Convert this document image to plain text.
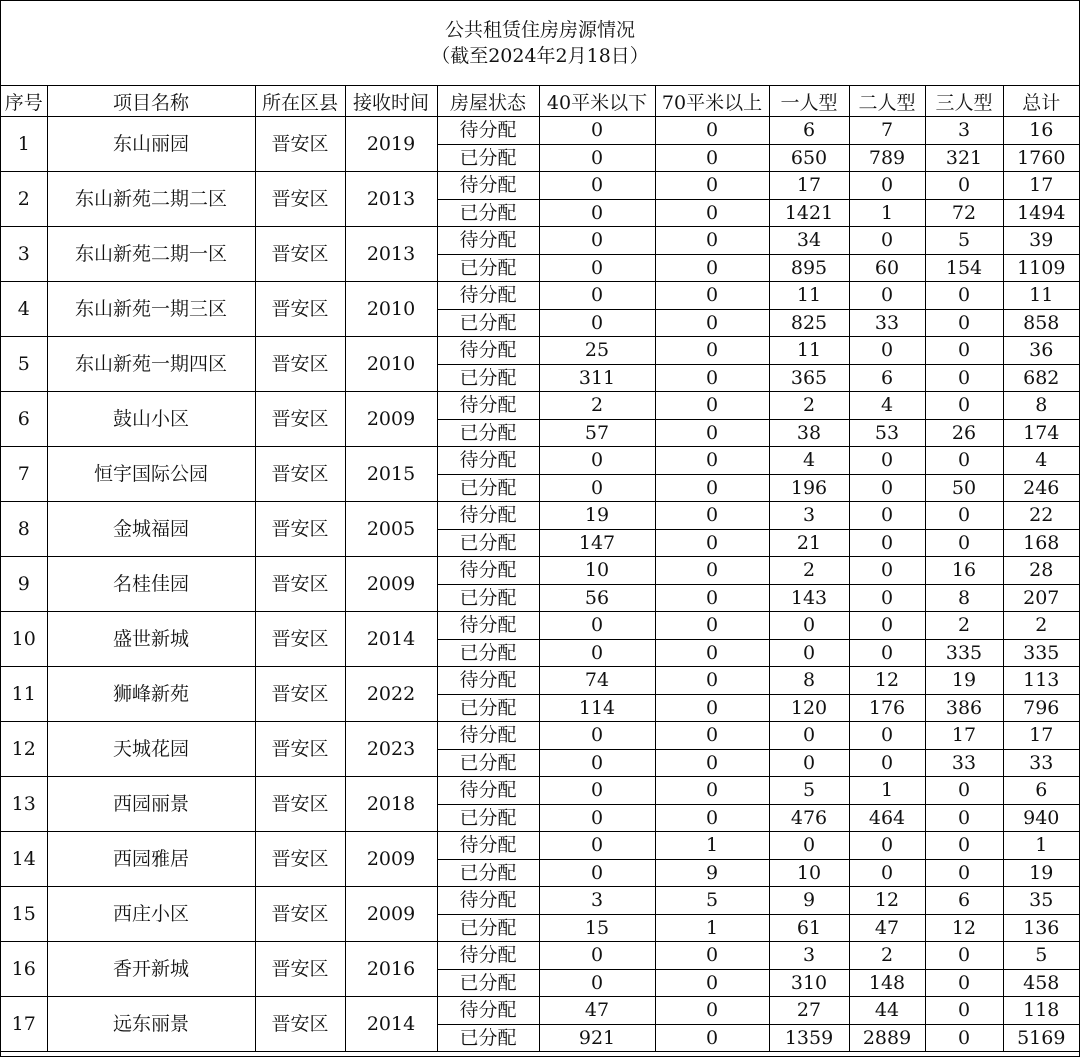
公共租赁住房房源情况
（截至2024年2月18日）
序号	项目名称	所在区县	接收时间	房屋状态	40平米以下	70平米以上	一人型	二人型	三人型	总计
1	东山丽园	晋安区	2019	待分配	0	0	6	7	3	16
				已分配	0	0	650	789	321	1760
2	东山新苑二期二区	晋安区	2013	待分配	0	0	17	0	0	17
				已分配	0	0	1421	1	72	1494
3	东山新苑二期一区	晋安区	2013	待分配	0	0	34	0	5	39
				已分配	0	0	895	60	154	1109
4	东山新苑一期三区	晋安区	2010	待分配	0	0	11	0	0	11
				已分配	0	0	825	33	0	858
5	东山新苑一期四区	晋安区	2010	待分配	25	0	11	0	0	36
				已分配	311	0	365	6	0	682
6	鼓山小区	晋安区	2009	待分配	2	0	2	4	0	8
				已分配	57	0	38	53	26	174
7	恒宇国际公园	晋安区	2015	待分配	0	0	4	0	0	4
				已分配	0	0	196	0	50	246
8	金城福园	晋安区	2005	待分配	19	0	3	0	0	22
				已分配	147	0	21	0	0	168
9	名桂佳园	晋安区	2009	待分配	10	0	2	0	16	28
				已分配	56	0	143	0	8	207
10	盛世新城	晋安区	2014	待分配	0	0	0	0	2	2
				已分配	0	0	0	0	335	335
11	狮峰新苑	晋安区	2022	待分配	74	0	8	12	19	113
				已分配	114	0	120	176	386	796
12	天城花园	晋安区	2023	待分配	0	0	0	0	17	17
				已分配	0	0	0	0	33	33
13	西园丽景	晋安区	2018	待分配	0	0	5	1	0	6
				已分配	0	0	476	464	0	940
14	西园雅居	晋安区	2009	待分配	0	1	0	0	0	1
				已分配	0	9	10	0	0	19
15	西庄小区	晋安区	2009	待分配	3	5	9	12	6	35
				已分配	15	1	61	47	12	136
16	香开新城	晋安区	2016	待分配	0	0	3	2	0	5
				已分配	0	0	310	148	0	458
17	远东丽景	晋安区	2014	待分配	47	0	27	44	0	118
				已分配	921	0	1359	2889	0	5169
